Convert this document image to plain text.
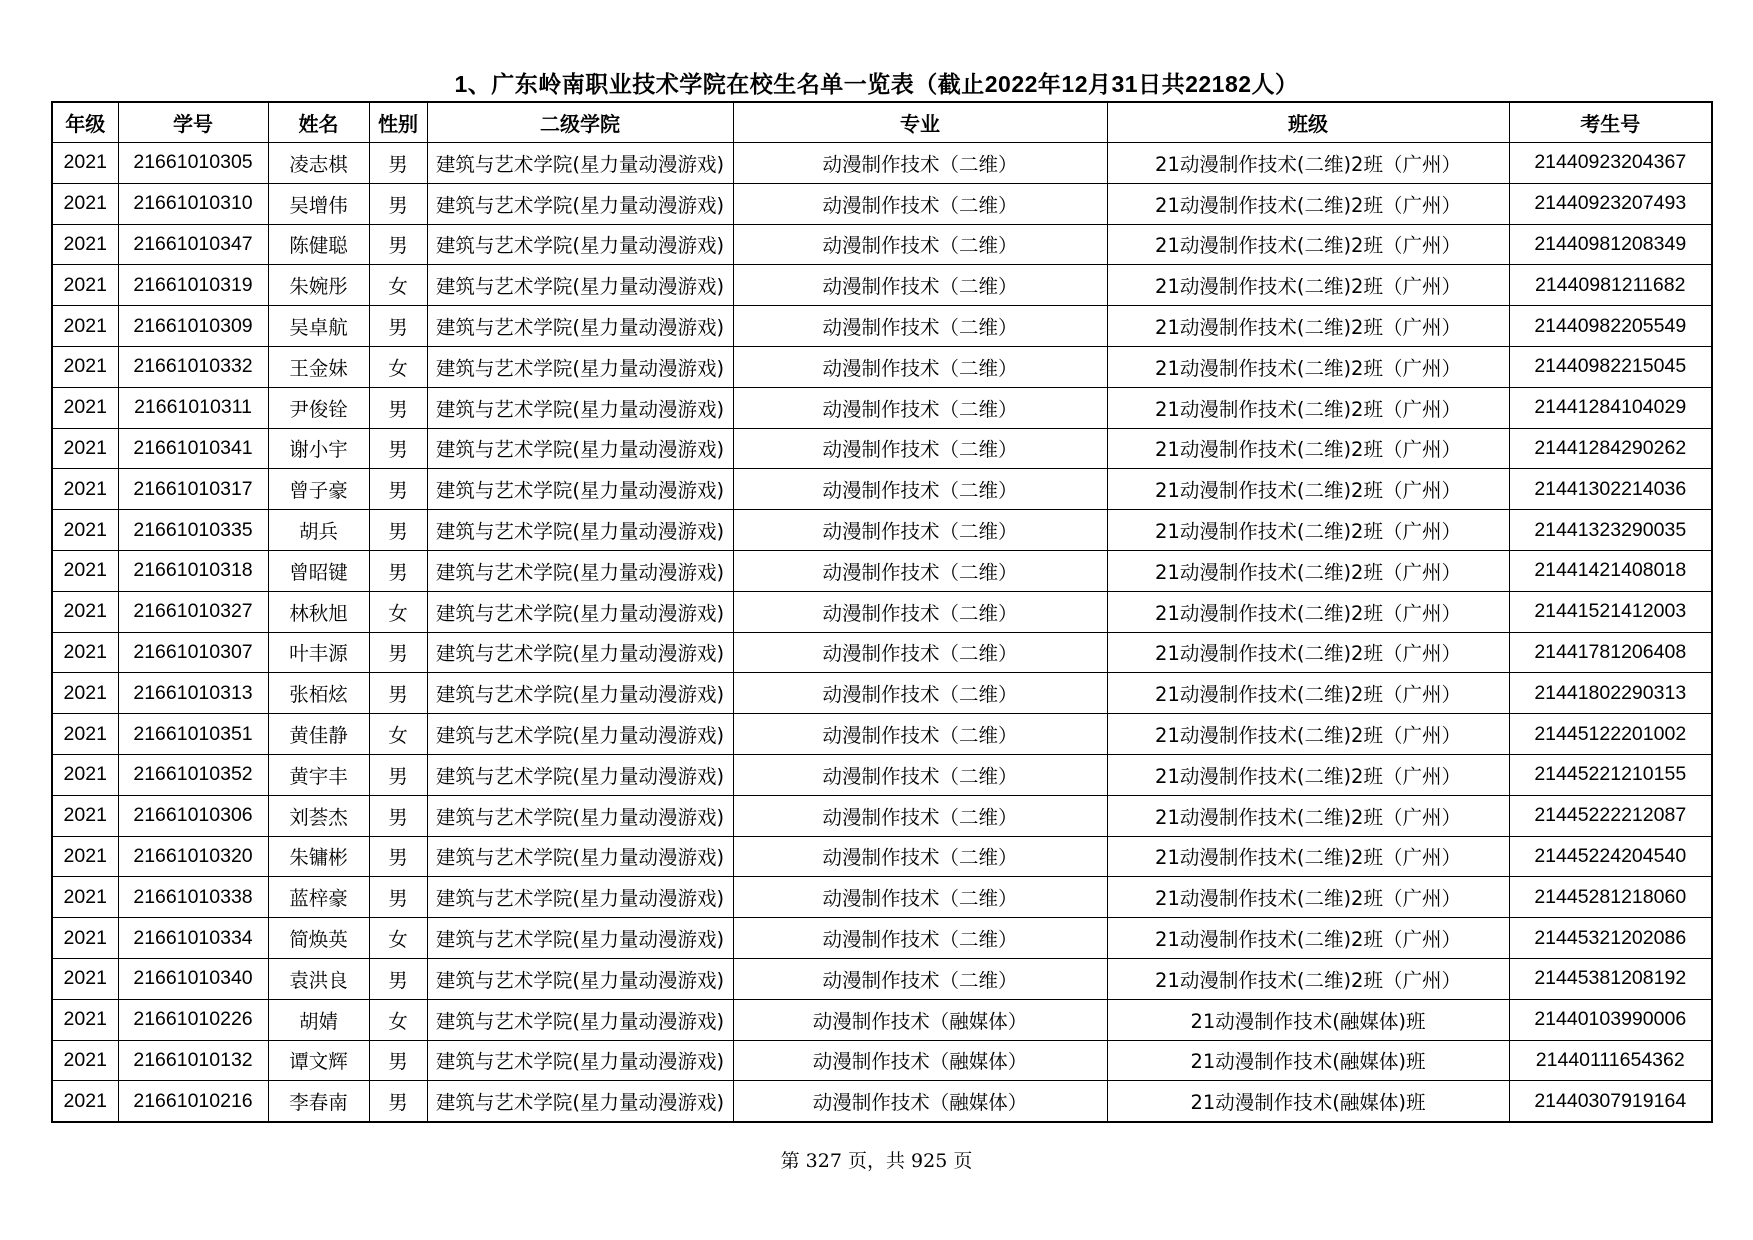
1、广东岭南职业技术学院在校生名单一览表（截止2022年12月31日共22182人）
年级	学号	姓名	性别	二级学院	专业	班级	考生号
2021	21661010305	凌志棋	男	建筑与艺术学院(星力量动漫游戏)	动漫制作技术（二维）	21动漫制作技术(二维)2班（广州）	21440923204367
2021	21661010310	吴增伟	男	建筑与艺术学院(星力量动漫游戏)	动漫制作技术（二维）	21动漫制作技术(二维)2班（广州）	21440923207493
2021	21661010347	陈健聪	男	建筑与艺术学院(星力量动漫游戏)	动漫制作技术（二维）	21动漫制作技术(二维)2班（广州）	21440981208349
2021	21661010319	朱婉彤	女	建筑与艺术学院(星力量动漫游戏)	动漫制作技术（二维）	21动漫制作技术(二维)2班（广州）	21440981211682
2021	21661010309	吴卓航	男	建筑与艺术学院(星力量动漫游戏)	动漫制作技术（二维）	21动漫制作技术(二维)2班（广州）	21440982205549
2021	21661010332	王金妹	女	建筑与艺术学院(星力量动漫游戏)	动漫制作技术（二维）	21动漫制作技术(二维)2班（广州）	21440982215045
2021	21661010311	尹俊铨	男	建筑与艺术学院(星力量动漫游戏)	动漫制作技术（二维）	21动漫制作技术(二维)2班（广州）	21441284104029
2021	21661010341	谢小宇	男	建筑与艺术学院(星力量动漫游戏)	动漫制作技术（二维）	21动漫制作技术(二维)2班（广州）	21441284290262
2021	21661010317	曾子豪	男	建筑与艺术学院(星力量动漫游戏)	动漫制作技术（二维）	21动漫制作技术(二维)2班（广州）	21441302214036
2021	21661010335	胡兵	男	建筑与艺术学院(星力量动漫游戏)	动漫制作技术（二维）	21动漫制作技术(二维)2班（广州）	21441323290035
2021	21661010318	曾昭键	男	建筑与艺术学院(星力量动漫游戏)	动漫制作技术（二维）	21动漫制作技术(二维)2班（广州）	21441421408018
2021	21661010327	林秋旭	女	建筑与艺术学院(星力量动漫游戏)	动漫制作技术（二维）	21动漫制作技术(二维)2班（广州）	21441521412003
2021	21661010307	叶丰源	男	建筑与艺术学院(星力量动漫游戏)	动漫制作技术（二维）	21动漫制作技术(二维)2班（广州）	21441781206408
2021	21661010313	张栢炫	男	建筑与艺术学院(星力量动漫游戏)	动漫制作技术（二维）	21动漫制作技术(二维)2班（广州）	21441802290313
2021	21661010351	黄佳静	女	建筑与艺术学院(星力量动漫游戏)	动漫制作技术（二维）	21动漫制作技术(二维)2班（广州）	21445122201002
2021	21661010352	黄宇丰	男	建筑与艺术学院(星力量动漫游戏)	动漫制作技术（二维）	21动漫制作技术(二维)2班（广州）	21445221210155
2021	21661010306	刘荟杰	男	建筑与艺术学院(星力量动漫游戏)	动漫制作技术（二维）	21动漫制作技术(二维)2班（广州）	21445222212087
2021	21661010320	朱镛彬	男	建筑与艺术学院(星力量动漫游戏)	动漫制作技术（二维）	21动漫制作技术(二维)2班（广州）	21445224204540
2021	21661010338	蓝梓豪	男	建筑与艺术学院(星力量动漫游戏)	动漫制作技术（二维）	21动漫制作技术(二维)2班（广州）	21445281218060
2021	21661010334	简焕英	女	建筑与艺术学院(星力量动漫游戏)	动漫制作技术（二维）	21动漫制作技术(二维)2班（广州）	21445321202086
2021	21661010340	袁洪良	男	建筑与艺术学院(星力量动漫游戏)	动漫制作技术（二维）	21动漫制作技术(二维)2班（广州）	21445381208192
2021	21661010226	胡婧	女	建筑与艺术学院(星力量动漫游戏)	动漫制作技术（融媒体）	21动漫制作技术(融媒体)班	21440103990006
2021	21661010132	谭文辉	男	建筑与艺术学院(星力量动漫游戏)	动漫制作技术（融媒体）	21动漫制作技术(融媒体)班	21440111654362
2021	21661010216	李春南	男	建筑与艺术学院(星力量动漫游戏)	动漫制作技术（融媒体）	21动漫制作技术(融媒体)班	21440307919164
第 327 页，共 925 页
